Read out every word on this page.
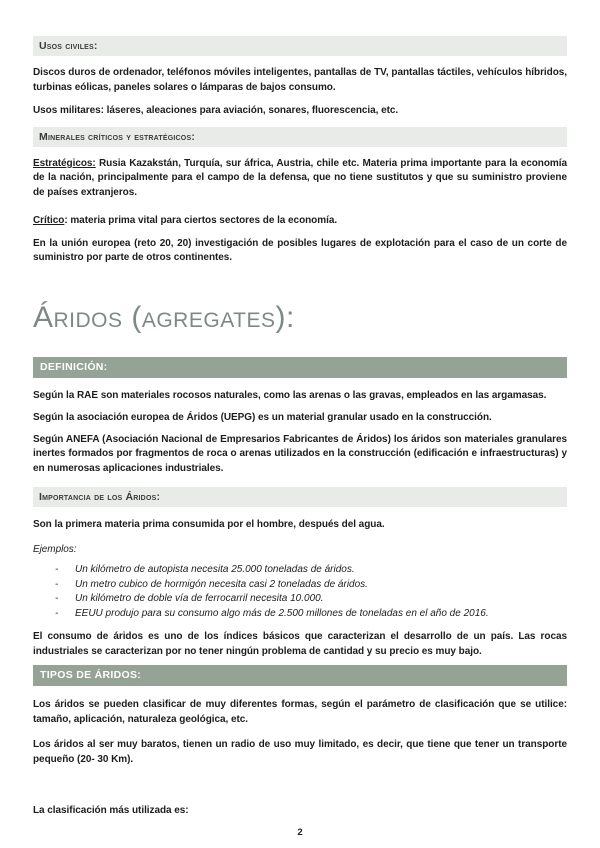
Usos civiles:

Discos duros de ordenador, teléfonos móviles inteligentes, pantallas de TV, pantallas táctiles, vehículos híbridos, turbinas eólicas, paneles solares o lámparas de bajos consumo.

Usos militares: láseres, aleaciones para aviación, sonares, fluorescencia, etc.

Minerales críticos y estratégicos:

Estratégicos: Rusia Kazakstán, Turquía, sur áfrica, Austria, chile etc. Materia prima importante para la economía de la nación, principalmente para el campo de la defensa, que no tiene sustitutos y que su suministro proviene de países extranjeros.

Crítico: materia prima vital para ciertos sectores de la economía.

En la unión europea (reto 20, 20) investigación de posibles lugares de explotación para el caso de un corte de suministro por parte de otros continentes.

Áridos (agregates):
DEFINICIÓN:

Según la RAE son materiales rocosos naturales, como las arenas o las gravas, empleados en las argamasas.

Según la asociación europea de Áridos (UEPG) es un material granular usado en la construcción.

Según ANEFA (Asociación Nacional de Empresarios Fabricantes de Áridos) los áridos son materiales granulares inertes formados por fragmentos de roca o arenas utilizados en la construcción (edificación e infraestructuras) y en numerosas aplicaciones industriales.

Importancia de los Áridos:

Son la primera materia prima consumida por el hombre, después del agua.

Ejemplos:

-	Un kilómetro de autopista necesita 25.000 toneladas de áridos.
-	Un metro cubico de hormigón necesita casi 2 toneladas de áridos.
-	Un kilómetro de doble vía de ferrocarril necesita 10.000.
-	EEUU produjo para su consumo algo más de 2.500 millones de toneladas en el año de 2016.

El consumo de áridos es uno de los índices básicos que caracterizan el desarrollo de un país. Las rocas industriales se caracterizan por no tener ningún problema de cantidad y su precio es muy bajo.

TIPOS DE ÁRIDOS:

Los áridos se pueden clasificar de muy diferentes formas, según el parámetro de clasificación que se utilice: tamaño, aplicación, naturaleza geológica, etc.

Los áridos al ser muy baratos, tienen un radio de uso muy limitado, es decir, que tiene que tener un transporte pequeño (20- 30 Km).

La clasificación más utilizada es:

2
